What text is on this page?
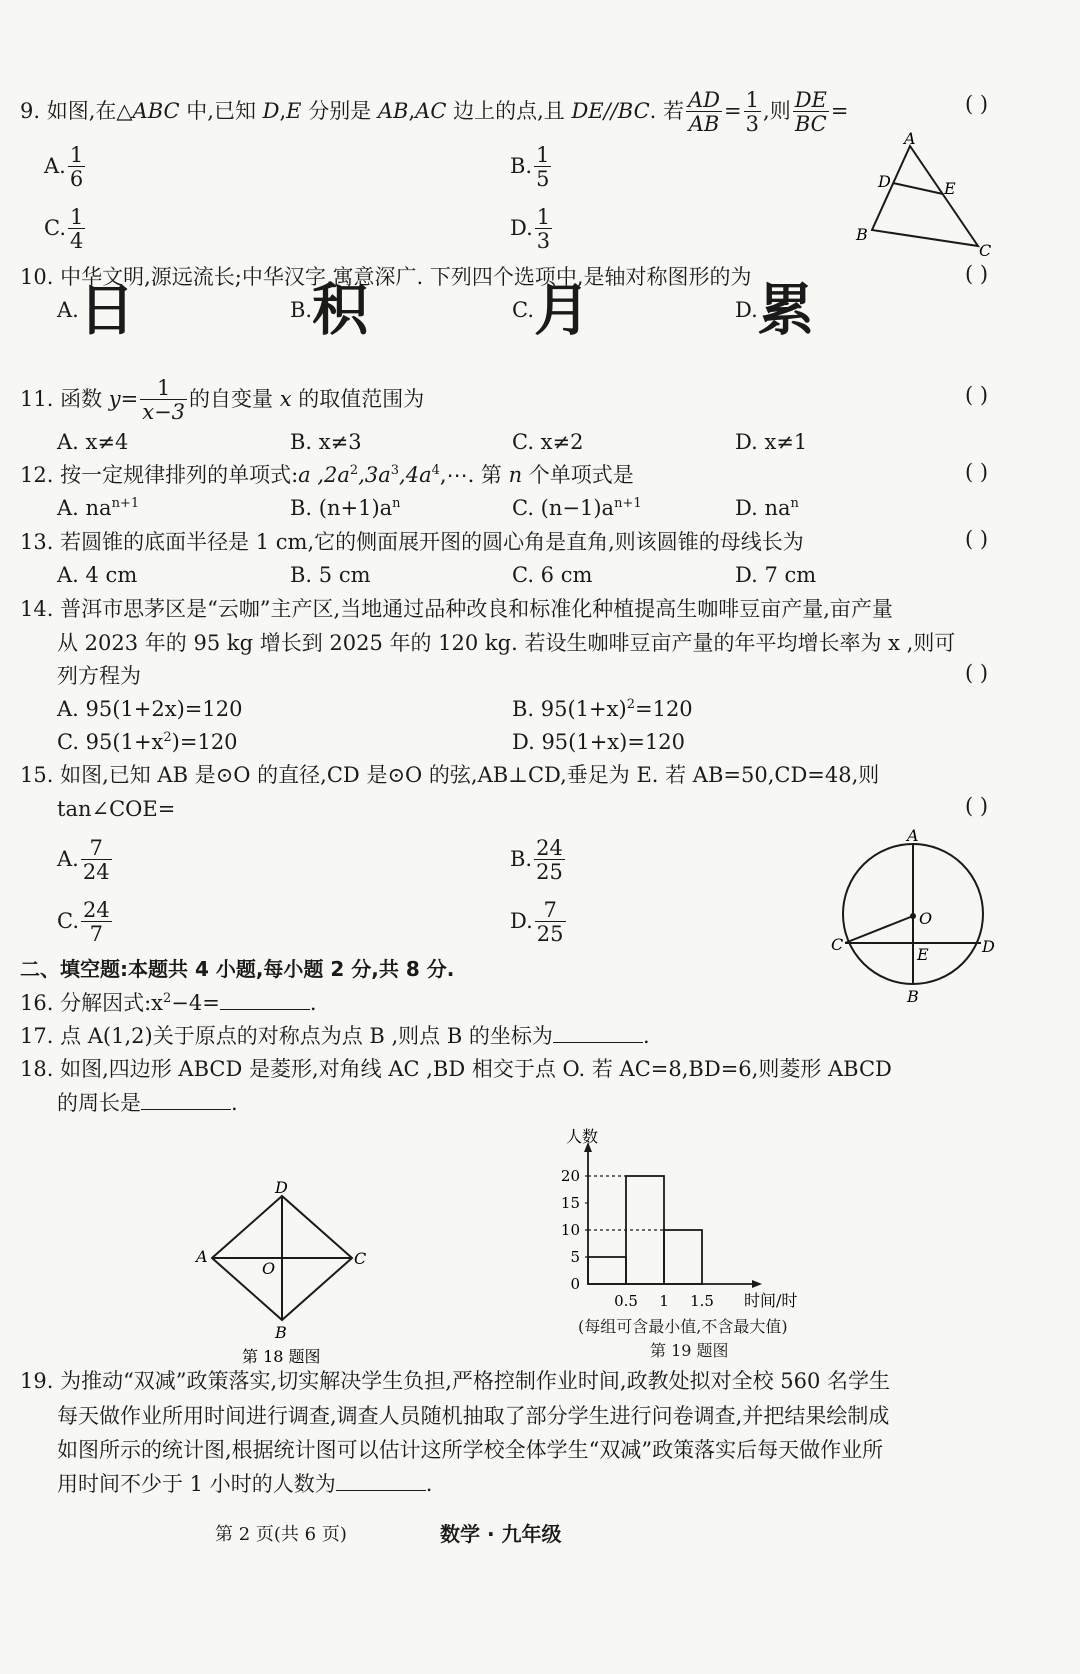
9. 如图,在△ABC 中,已知 D,E 分别是 AB,AC 边上的点,且 DE//BC. 若 $\frac{AD}{AB} = \frac{1}{3}$ ,则 $\frac{DE}{BC}$ =	( )
A. $\frac{1}{6}$	B. $\frac{1}{5}$
C. $\frac{1}{4}$	D. $\frac{1}{3}$
A
D	E
B
C
10. 中华文明,源远流长;中华汉字,寓意深广. 下列四个选项中,是轴对称图形的为	( )
A.日	B.积	C.月	D.累
11. 函数 $y= \frac{1}{x-3}$ 的自变量 x 的取值范围为	( )
A. x≠4	B. x≠3	C. x≠2	D. x≠1
12. 按一定规律排列的单项式:a $,2a^2,3a^3,4a^4,\cdots$. 第 n 个单项式是	( )
A. $na^{n+1}$	B. $(n+1)a^n$	C. $(n-1)a^{n+1}$	D. $na^n$
13. 若圆锥的底面半径是 1 cm,它的侧面展开图的圆心角是直角,则该圆锥的母线长为	( )
A. 4 cm	B. 5 cm	C. 6 cm	D. 7 cm
14. 普洱市思茅区是“云咖”主产区,当地通过品种改良和标准化种植提高生咖啡豆亩产量,亩产量
从 2023 年的 95 kg 增长到 2025 年的 120 kg. 若设生咖啡豆亩产量的年平均增长率为 x ,则可
列方程为	( )
A. 95(1+2x)=120	B. $95(1+x)^2=120$
C. $95(1+x^2)=120$	D. 95(1+x)=120
15. 如图,已知 AB 是⊙O 的直径,CD 是⊙O 的弦,AB⊥CD,垂足为 E. 若 AB=50,CD=48,则
tan∠COE=	( )
A. $\frac{7}{24}$	B. $\frac{24}{25}$
C. $\frac{24}{7}$	D. $\frac{7}{25}$
A
O
C	D
E
B
二、填空题:本题共 4 小题,每小题 2 分,共 8 分.
16. 分解因式$:x^2-4=$	.
17. 点 A(1,2)关于原点的对称点为点 B ,则点 B 的坐标为	.
18. 如图,四边形 ABCD 是菱形,对角线 AC ,BD 相交于点 O. 若 AC=8,BD=6,则菱形 ABCD
的周长是	.
D
A	C
O
B
第 18 题图
0
5
10
15
20
0.5 1 1.5
人数
时间/时
(每组可含最小值,不含最大值)
第 19 题图
19. 为推动“双减”政策落实,切实解决学生负担,严格控制作业时间,政教处拟对全校 560 名学生
每天做作业所用时间进行调查,调查人员随机抽取了部分学生进行问卷调查,并把结果绘制成
如图所示的统计图,根据统计图可以估计这所学校全体学生“双减”政策落实后每天做作业所
用时间不少于 1 小时的人数为	.
第 2 页(共 6 页)	数学 · 九年级
